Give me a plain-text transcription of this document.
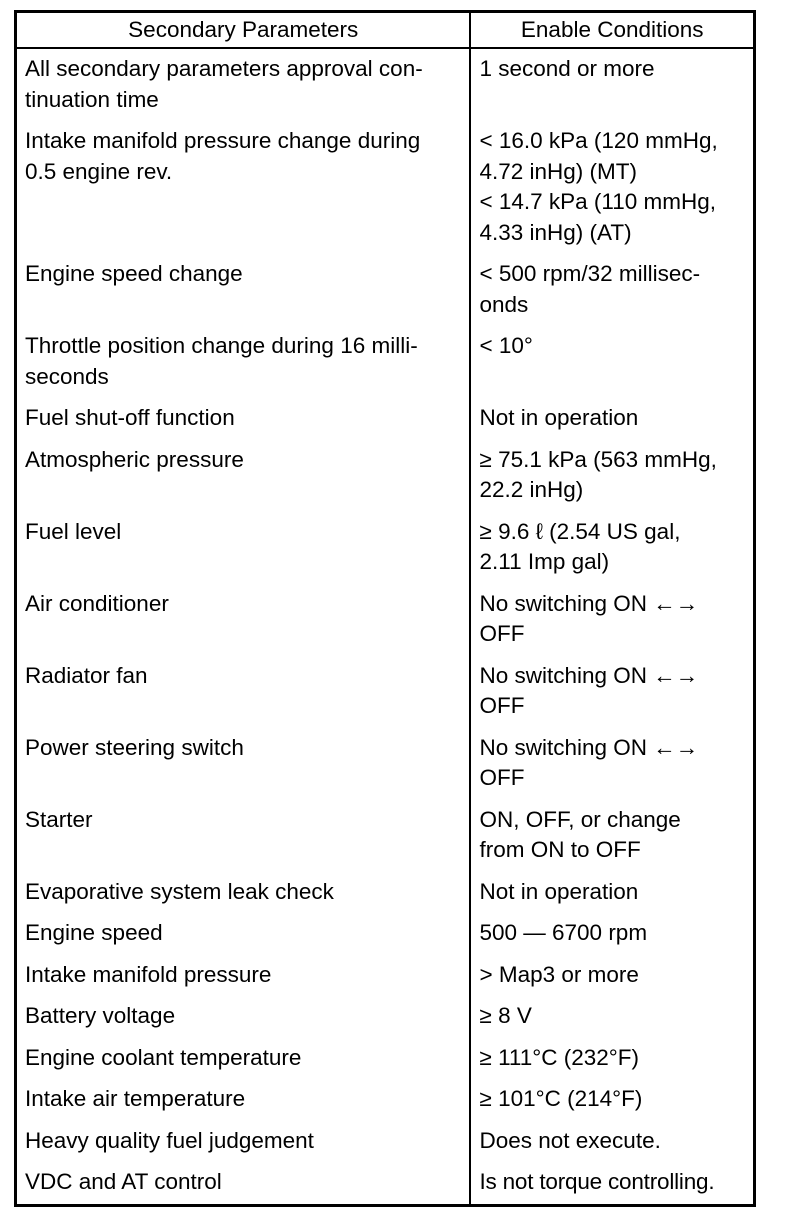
Secondary Parameters	Enable Conditions

All secondary parameters approval con-
tinuation time	1 second or more

Intake manifold pressure change during
0.5 engine rev.	< 16.0 kPa (120 mmHg,
4.72 inHg) (MT)
< 14.7 kPa (110 mmHg,
4.33 inHg) (AT)

Engine speed change	< 500 rpm/32 millisec-
onds

Throttle position change during 16 milli-
seconds	< 10°

Fuel shut-off function	Not in operation

Atmospheric pressure	≥ 75.1 kPa (563 mmHg,
22.2 inHg)

Fuel level	≥ 9.6 ℓ (2.54 US gal,
2.11 Imp gal)

Air conditioner	No switching ON ←→
OFF

Radiator fan	No switching ON ←→
OFF

Power steering switch	No switching ON ←→
OFF

Starter	ON, OFF, or change
from ON to OFF

Evaporative system leak check	Not in operation

Engine speed	500 — 6700 rpm

Intake manifold pressure	> Map3 or more

Battery voltage	≥ 8 V

Engine coolant temperature	≥ 111°C (232°F)

Intake air temperature	≥ 101°C (214°F)

Heavy quality fuel judgement	Does not execute.

VDC and AT control	Is not torque controlling.
